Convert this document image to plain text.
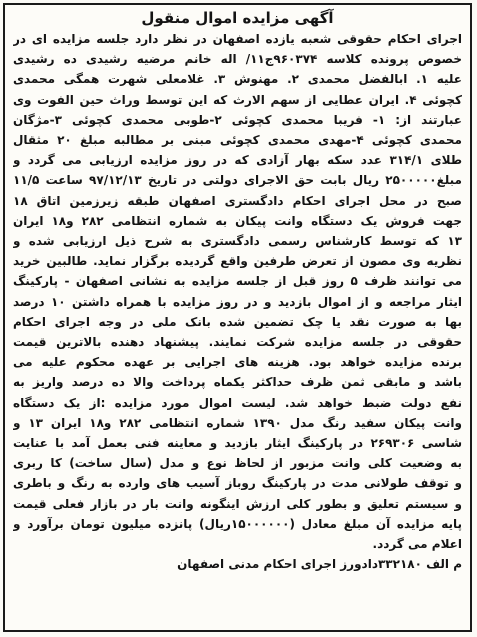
آگهی مزایده اموال منقول
اجرای احکام حقوقی شعبه یازده اصفهان در نظر دارد جلسه مزایده ای در
خصوص پرونده کلاسه ۹۶۰۳۷۴ج۱۱/ اله خانم مرضیه رشیدی ده رشیدی
علیه ۱. ابالفضل محمدی ۲. مهنوش ۳. غلامعلی شهرت همگی محمدی
کچوئی ۴. ایران عطایی از سهم الارث که این توسط وراث حین الفوت وی
عبارتند از: ۱- فریبا محمدی کچوئی ۲-طوبی محمدی کچوئی ۳-مژگان
محمدی کچوئی ۴-مهدی محمدی کچوئی مبنی بر مطالبه مبلغ ۲۰ مثقال
طلای ۳۱۴/۱ عدد سکه بهار آزادی که در روز مزایده ارزیابی می گردد و
مبلغ۲۵۰۰۰۰۰ ریال بابت حق الاجرای دولتی در تاریخ ۹۷/۱۲/۱۳ ساعت ۱۱/۵
صبح در محل اجرای احکام دادگستری اصفهان طبقه زیرزمین اتاق ۱۸
جهت فروش یک دستگاه وانت پیکان به شماره انتظامی ۲۸۲ و۱۸ ایران
۱۳ که توسط کارشناس رسمی دادگستری به شرح ذیل ارزیابی شده و
نظریه وی مصون از تعرض طرفین واقع گردیده برگزار نماید. طالبین خرید
می توانند ظرف ۵ روز قبل از جلسه مزایده به نشانی اصفهان - پارکینگ
ایثار مراجعه و از اموال بازدید و در روز مزایده با همراه داشتن ۱۰ درصد
بها به صورت نقد یا چک تضمین شده بانک ملی در وجه اجرای احکام
حقوقی در جلسه مزایده شرکت نمایند. پیشنهاد دهنده بالاترین قیمت
برنده مزایده خواهد بود. هزینه های اجرایی بر عهده محکوم علیه می
باشد و مابقی ثمن ظرف حداکثر یکماه پرداخت والا ده درصد واریز به
نفع دولت ضبط خواهد شد. لیست اموال مورد مزایده :از یک دستگاه
وانت پیکان سفید رنگ مدل ۱۳۹۰ شماره انتظامی ۲۸۲ و۱۸ ایران ۱۳ و
شاسی ۲۶۹۳۰۶ در پارکینگ ایثار بازدید و معاینه فنی بعمل آمد با عنایت
به وضعیت کلی وانت مزبور از لحاظ نوع و مدل (سال ساخت) کا ربری
و توقف طولانی مدت در پارکینگ روباز آسیب های وارده به رنگ و باطری
و سیستم تعلیق و بطور کلی ارزش اینگونه وانت بار در بازار فعلی قیمت
پایه مزایده آن مبلغ معادل (۱۵۰۰۰۰۰۰ریال) پانزده میلیون تومان برآورد و
اعلام می گردد.
م الف ۳۳۲۱۸۰دادورز اجرای احکام مدنی اصفهان
